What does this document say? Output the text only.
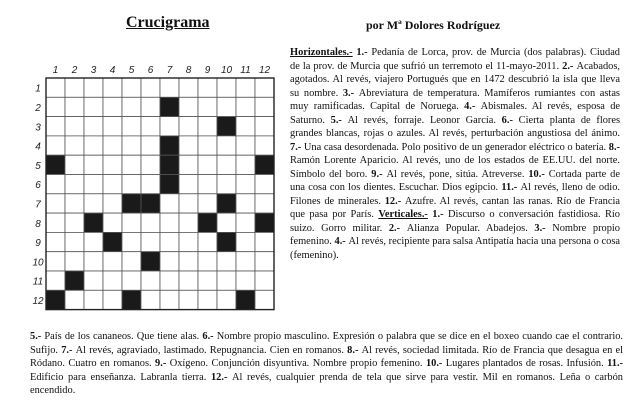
Crucigrama	por Mª Dolores Rodríguez
1 2 3 4 5 6 7 8 9 10 11 12
1
2
3
4
5
6
7
8
9
10
11
12
Horizontales.- 1.- Pedanía de Lorca, prov. de Murcia (dos palabras). Ciudad de la prov. de Murcia que sufrió un terremoto el 11-mayo-2011. 2.- Acabados, agotados. Al revés, viajero Portugués que en 1472 descubrió la isla que lleva su nombre. 3.- Abreviatura de temperatura. Mamíferos rumiantes con astas muy ramificadas. Capital de Noruega. 4.- Abismales. Al revés, esposa de Saturno. 5.- Al revés, forraje. Leonor García. 6.- Cierta planta de flores grandes blancas, rojas o azules. Al revés, perturbación angustiosa del ánimo. 7.- Una casa desordenada. Polo positivo de un generador eléctrico o batería. 8.- Ramón Lorente Aparicio. Al revés, uno de los estados de EE.UU. del norte. Símbolo del boro. 9.- Al revés, pone, sitúa. Atreverse. 10.- Cortada parte de una cosa con los dientes. Escuchar. Dios egipcio. 11.- Al revés, lleno de odio. Filones de minerales. 12.- Azufre. Al revés, cantan las ranas. Río de Francia que pasa por París. Verticales.- 1.- Discurso o conversación fastidiosa. Río suizo. Gorro militar. 2.- Alianza Popular. Abadejos. 3.- Nombre propio femenino. 4.- Al revés, recipiente para salsa Antipatía hacia una persona o cosa (femenino).
5.- País de los cananeos. Que tiene alas. 6.- Nombre propio masculino. Expresión o palabra que se dice en el boxeo cuando cae el contrario. Sufijo. 7.- Al revés, agraviado, lastimado. Repugnancia. Cien en romanos. 8.- Al revés, sociedad limitada. Río de Francia que desagua en el Ródano. Cuatro en romanos. 9.- Oxígeno. Conjunción disyuntiva. Nombre propio femenino. 10.- Lugares plantados de rosas. Infusión. 11.- Edificio para enseñanza. Labranla tierra. 12.- Al revés, cualquier prenda de tela que sirve para vestir. Mil en romanos. Leña o carbón encendido.
